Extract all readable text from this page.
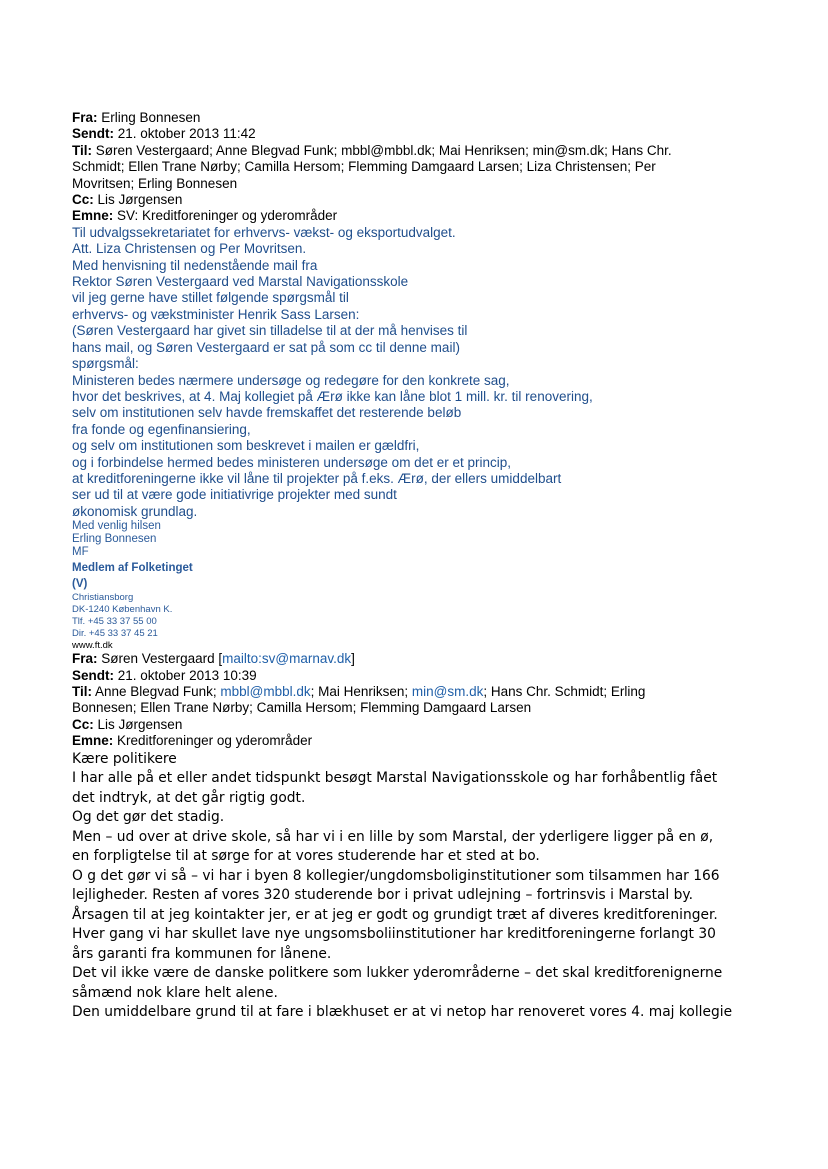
Fra: Erling Bonnesen
Sendt: 21. oktober 2013 11:42
Til: Søren Vestergaard; Anne Blegvad Funk; mbbl@mbbl.dk; Mai Henriksen; min@sm.dk; Hans Chr.
Schmidt; Ellen Trane Nørby; Camilla Hersom; Flemming Damgaard Larsen; Liza Christensen; Per
Movritsen; Erling Bonnesen
Cc: Lis Jørgensen
Emne: SV: Kreditforeninger og yderområder
Til udvalgssekretariatet for erhvervs- vækst- og eksportudvalget.
Att. Liza Christensen og Per Movritsen.
Med henvisning til nedenstående mail fra
Rektor Søren Vestergaard ved Marstal Navigationsskole
vil jeg gerne have stillet følgende spørgsmål til
erhvervs- og vækstminister Henrik Sass Larsen:
(Søren Vestergaard har givet sin tilladelse til at der må henvises til
hans mail, og Søren Vestergaard er sat på som cc til denne mail)
spørgsmål:
Ministeren bedes nærmere undersøge og redegøre for den konkrete sag,
hvor det beskrives, at 4. Maj kollegiet på Ærø ikke kan låne blot 1 mill. kr. til renovering,
selv om institutionen selv havde fremskaffet det resterende beløb
fra fonde og egenfinansiering,
og selv om institutionen som beskrevet i mailen er gældfri,
og i forbindelse hermed bedes ministeren undersøge om det er et princip,
at kreditforeningerne ikke vil låne til projekter på f.eks. Ærø, der ellers umiddelbart
ser ud til at være gode initiativrige projekter med sundt
økonomisk grundlag.
Med venlig hilsen
Erling Bonnesen
MF
Medlem af Folketinget
(V)
Christiansborg
DK-1240 København K.
Tlf. +45 33 37 55 00
Dir. +45 33 37 45 21
www.ft.dk
Fra: Søren Vestergaard [mailto:sv@marnav.dk]
Sendt: 21. oktober 2013 10:39
Til: Anne Blegvad Funk; mbbl@mbbl.dk; Mai Henriksen; min@sm.dk; Hans Chr. Schmidt; Erling
Bonnesen; Ellen Trane Nørby; Camilla Hersom; Flemming Damgaard Larsen
Cc: Lis Jørgensen
Emne: Kreditforeninger og yderområder

Kære politikere

I har alle på et eller andet tidspunkt besøgt Marstal Navigationsskole og har forhåbentlig fået

det indtryk, at det går rigtig godt.

Og det gør det stadig.

Men – ud over at drive skole, så har vi i en lille by som Marstal, der yderligere ligger på en ø,

en forpligtelse til at sørge for at vores studerende har et sted at bo.

O g det gør vi så – vi har i byen 8 kollegier/ungdomsboliginstitutioner som tilsammen har 166

lejligheder. Resten af vores 320 studerende bor i privat udlejning – fortrinsvis i Marstal by.

Årsagen til at jeg kointakter jer, er at jeg er godt og grundigt træt af diveres kreditforeninger.

Hver gang vi har skullet lave nye ungsomsboliinstitutioner har kreditforeningerne forlangt 30

års garanti fra kommunen for lånene.

Det vil ikke være de danske politkere som lukker yderområderne – det skal kreditforenignerne

såmænd nok klare helt alene.

Den umiddelbare grund til at fare i blækhuset er at vi netop har renoveret vores 4. maj kollegie
